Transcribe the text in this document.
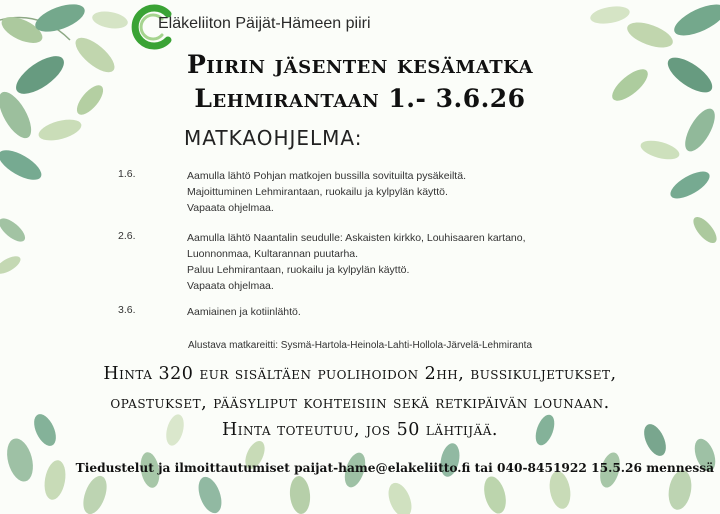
Eläkeliiton Päijät-Hämeen piiri
Piirin jäsenten kesämatka
Lehmirantaan 1.- 3.6.26
MATKAOHJELMA:
1.6.	Aamulla lähtö Pohjan matkojen bussilla sovituilta pysäkeiltä.
Majoittuminen Lehmirantaan, ruokailu ja kylpylän käyttö.
Vapaata ohjelmaa.
2.6.	Aamulla lähtö Naantalin seudulle: Askaisten kirkko, Louhisaaren kartano,
Luonnonmaa, Kultarannan puutarha.
Paluu Lehmirantaan, ruokailu ja kylpylän käyttö.
Vapaata ohjelmaa.
3.6.	Aamiainen ja kotiinlähtö.
Alustava matkareitti: Sysmä-Hartola-Heinola-Lahti-Hollola-Järvelä-Lehmiranta
Hinta 320 eur sisältäen puolihoidon 2hh, bussikuljetukset,
opastukset, pääsyliput kohteisiin sekä retkipäivän lounaan.
Hinta toteutuu, jos 50 lähtijää.
Tiedustelut ja ilmoittautumiset paijat-hame@elakeliitto.fi tai 040-8451922 15.5.26 mennessä
